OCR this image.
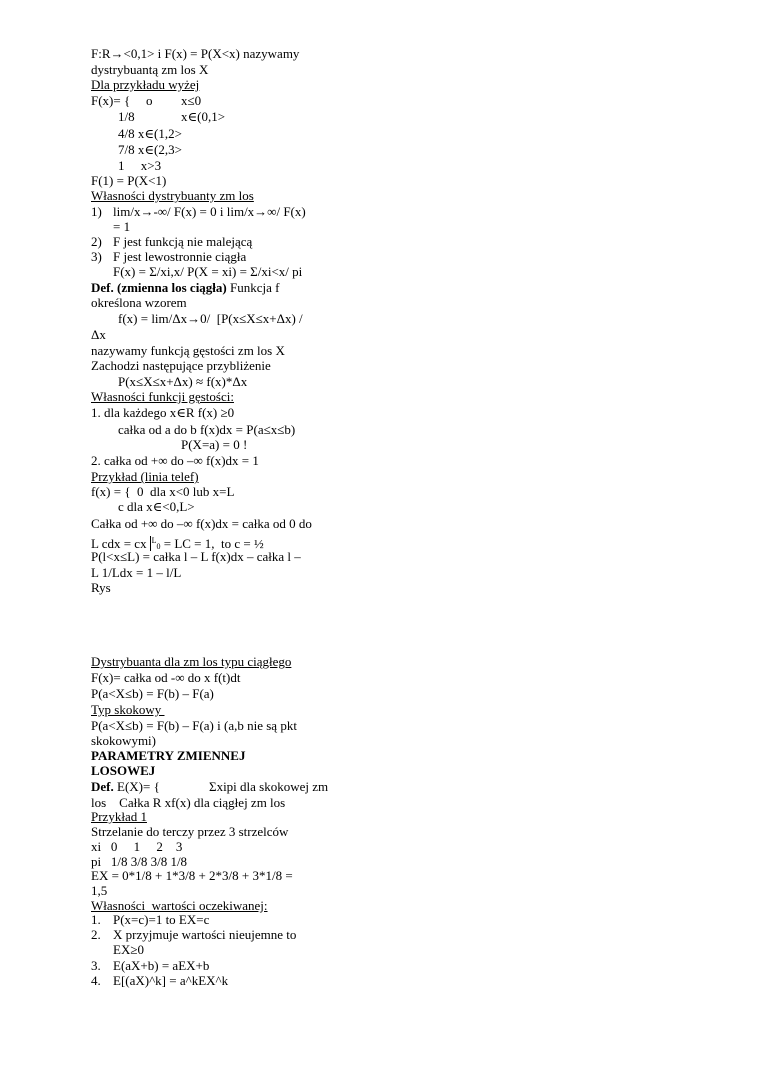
F:R→<0,1> i F(x) = P(X<x) nazywamy
dystrybuantą zm los X
Dla przykładu wyżej
F(x)= { o x≤0
1/8	x∈(0,1>
4/8 x∈(1,2>
7/8 x∈(2,3>
1     x>3
F(1) = P(X<1)
Własności dystrybuanty zm los
1) lim/x→-∞/ F(x) = 0 i lim/x→∞/ F(x)
= 1
2) F jest funkcją nie malejącą
3) F jest lewostronnie ciągła
F(x) = Σ/xi,x/ P(X = xi) = Σ/xi<x/ pi
Def. (zmienna los ciągła) Funkcja f
określona wzorem
f(x) = lim/Δx→0/  [P(x≤X≤x+Δx) /
Δx
nazywamy funkcją gęstości zm los X
Zachodzi następujące przybliżenie
P(x≤X≤x+Δx) ≈ f(x)*Δx
Własności funkcji gęstości:
1. dla każdego x∈R f(x) ≥0
całka od a do b f(x)dx = P(a≤x≤b)
P(X=a) = 0 !
2. całka od +∞ do –∞ f(x)dx = 1
Przykład (linia telef)
f(x) = {  0  dla x<0 lub x=L
c dla x∈<0,L>
Całka od +∞ do –∞ f(x)dx = całka od 0 do
L cdx = cx $^L$0 = LC = 1,  to c = ½
P(l<x≤L) = całka l – L f(x)dx – całka l –
L 1/Ldx = 1 – l/L
Rys
Dystrybuanta dla zm los typu ciągłego
F(x)= całka od -∞ do x f(t)dt
P(a<X≤b) = F(b) – F(a)
Typ skokowy
P(a<X≤b) = F(b) – F(a) i (a,b nie są pkt
skokowymi)
PARAMETRY ZMIENNEJ
LOSOWEJ
Def. E(X)= {	Σxipi dla skokowej zm
los    Całka R xf(x) dla ciągłej zm los
Przykład 1
Strzelanie do terczy przez 3 strzelców
xi   0     1     2    3
pi   1/8 3/8 3/8 1/8
EX = 0*1/8 + 1*3/8 + 2*3/8 + 3*1/8 =
1,5
Własności  wartości oczekiwanej:
1. P(x=c)=1 to EX=c
2. X przyjmuje wartości nieujemne to
EX≥0
3. E(aX+b) = aEX+b
4. E[(aX)^k] = a^kEX^k
